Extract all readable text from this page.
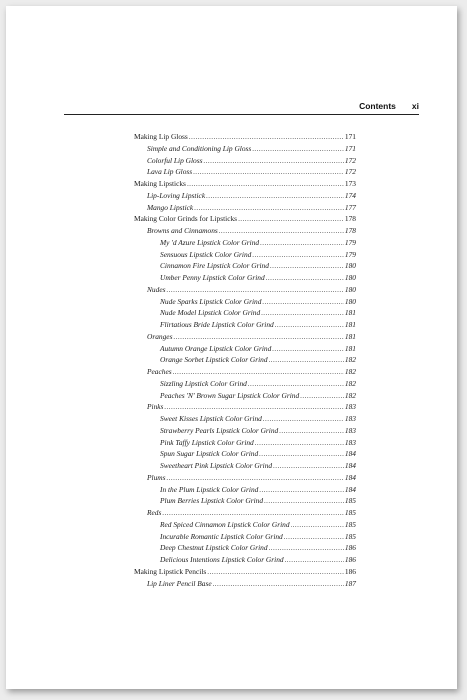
Contents xi
Making Lip Gloss .....	171
Simple and Conditioning Lip Gloss .....	171
Colorful Lip Gloss .....	172
Lava Lip Gloss .....	172
Making Lipsticks .....	173
Lip-Loving Lipstick .....	174
Mango Lipstick .....	177
Making Color Grinds for Lipsticks .....	178
Browns and Cinnamons .....	178
My 'd Azure Lipstick Color Grind .....	179
Sensuous Lipstick Color Grind .....	179
Cinnamon Fire Lipstick Color Grind .....	180
Umber Penny Lipstick Color Grind .....	180
Nudes .....	180
Nude Sparks Lipstick Color Grind .....	180
Nude Model Lipstick Color Grind .....	181
Flirtatious Bride Lipstick Color Grind .....	181
Oranges .....	181
Autumn Orange Lipstick Color Grind .....	181
Orange Sorbet Lipstick Color Grind .....	182
Peaches .....	182
Sizzling Lipstick Color Grind .....	182
Peaches 'N' Brown Sugar Lipstick Color Grind .....	182
Pinks .....	183
Sweet Kisses Lipstick Color Grind .....	183
Strawberry Pearls Lipstick Color Grind .....	183
Pink Taffy Lipstick Color Grind .....	183
Spun Sugar Lipstick Color Grind .....	184
Sweetheart Pink Lipstick Color Grind .....	184
Plums .....	184
In the Plum Lipstick Color Grind .....	184
Plum Berries Lipstick Color Grind .....	185
Reds .....	185
Red Spiced Cinnamon Lipstick Color Grind .....	185
Incurable Romantic Lipstick Color Grind .....	185
Deep Chestnut Lipstick Color Grind .....	186
Delicious Intentions Lipstick Color Grind .....	186
Making Lipstick Pencils .....	186
Lip Liner Pencil Base .....	187
